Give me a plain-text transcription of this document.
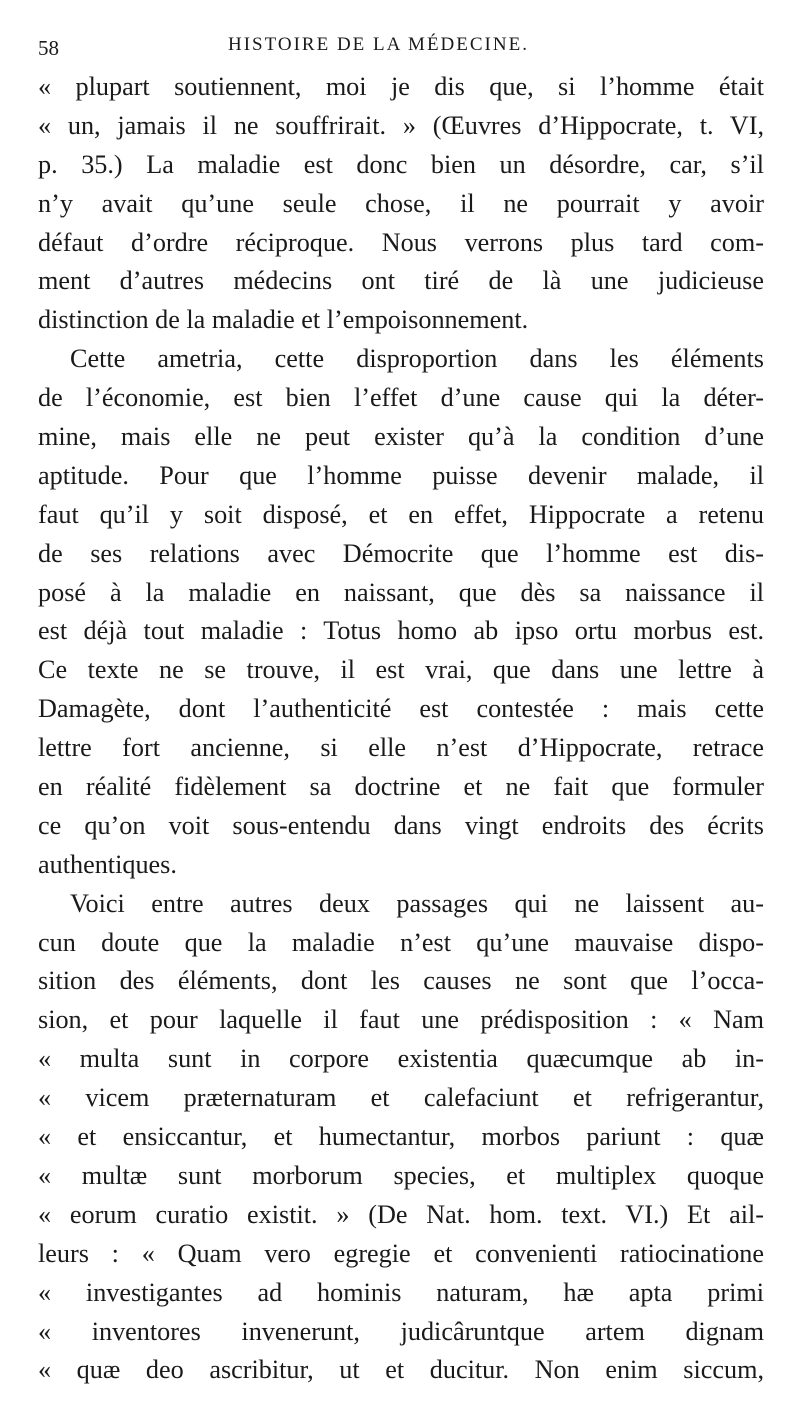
58	HISTOIRE DE LA MÉDECINE.
« plupart soutiennent, moi je dis que, si l’homme était
« un, jamais il ne souffrirait. » (Œuvres d’Hippocrate, t. VI,
p. 35.) La maladie est donc bien un désordre, car, s’il
n’y avait qu’une seule chose, il ne pourrait y avoir
défaut d’ordre réciproque. Nous verrons plus tard com-
ment d’autres médecins ont tiré de là une judicieuse
distinction de la maladie et l’empoisonnement.
Cette ametria, cette disproportion dans les éléments
de l’économie, est bien l’effet d’une cause qui la déter-
mine, mais elle ne peut exister qu’à la condition d’une
aptitude. Pour que l’homme puisse devenir malade, il
faut qu’il y soit disposé, et en effet, Hippocrate a retenu
de ses relations avec Démocrite que l’homme est dis-
posé à la maladie en naissant, que dès sa naissance il
est déjà tout maladie : Totus homo ab ipso ortu morbus est.
Ce texte ne se trouve, il est vrai, que dans une lettre à
Damagète, dont l’authenticité est contestée : mais cette
lettre fort ancienne, si elle n’est d’Hippocrate, retrace
en réalité fidèlement sa doctrine et ne fait que formuler
ce qu’on voit sous-entendu dans vingt endroits des écrits
authentiques.
Voici entre autres deux passages qui ne laissent au-
cun doute que la maladie n’est qu’une mauvaise dispo-
sition des éléments, dont les causes ne sont que l’occa-
sion, et pour laquelle il faut une prédisposition : « Nam
« multa sunt in corpore existentia quæcumque ab in-
« vicem præternaturam et calefaciunt et refrigerantur,
« et ensiccantur, et humectantur, morbos pariunt : quæ
« multæ sunt morborum species, et multiplex quoque
« eorum curatio existit. » (De Nat. hom. text. VI.) Et ail-
leurs : « Quam vero egregie et convenienti ratiocinatione
« investigantes ad hominis naturam, hæ apta primi
« inventores invenerunt, judicâruntque artem dignam
« quæ deo ascribitur, ut et ducitur. Non enim siccum,
